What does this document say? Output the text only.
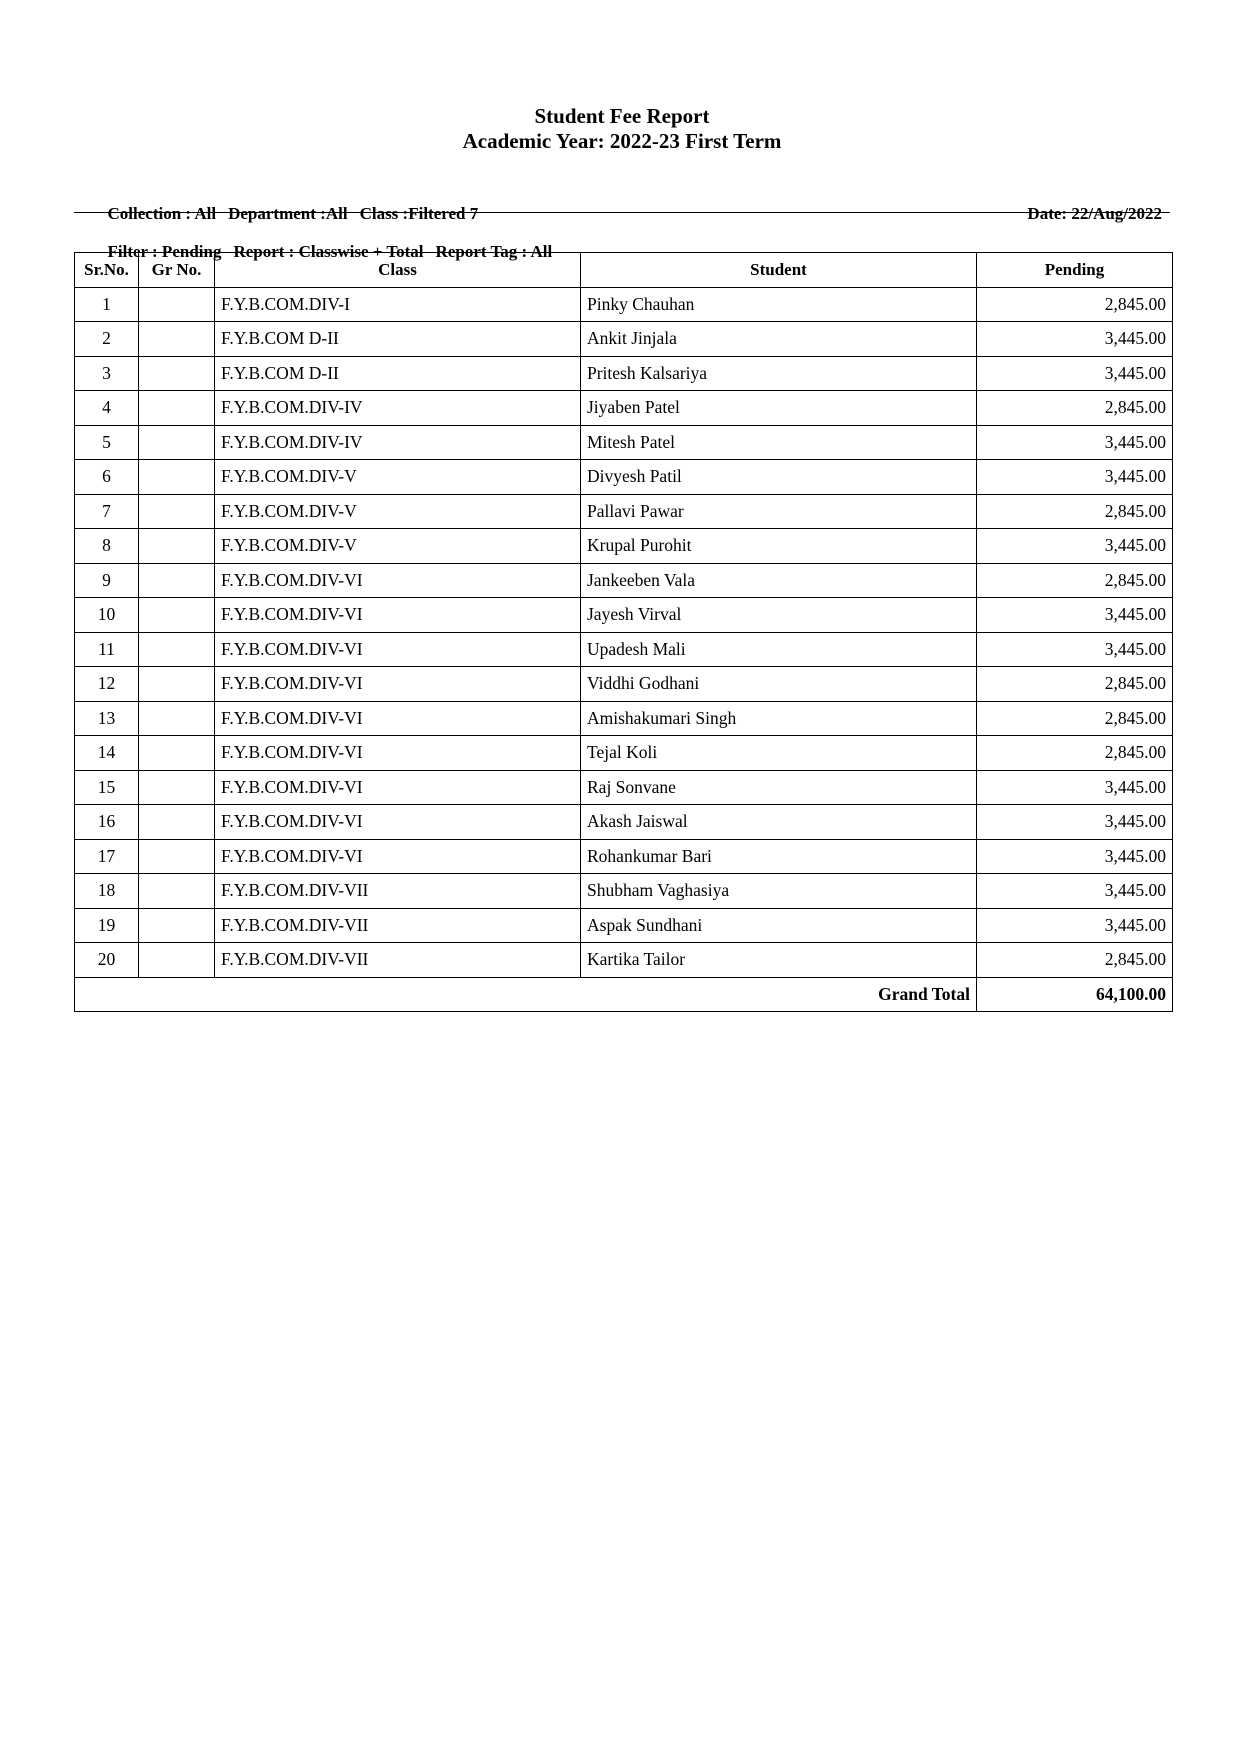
Student Fee Report
Academic Year: 2022-23 First Term

Collection : All Department :All Class :Filtered 7
	Date: 22/Aug/2022

Filter : Pending Report : Classwise + Total Report Tag : All

Sr.No.	Gr No.	Class	Student	Pending
1		F.Y.B.COM.DIV-I	Pinky Chauhan	2,845.00
2		F.Y.B.COM D-II	Ankit Jinjala	3,445.00
3		F.Y.B.COM D-II	Pritesh Kalsariya	3,445.00
4		F.Y.B.COM.DIV-IV	Jiyaben Patel	2,845.00
5		F.Y.B.COM.DIV-IV	Mitesh Patel	3,445.00
6		F.Y.B.COM.DIV-V	Divyesh Patil	3,445.00
7		F.Y.B.COM.DIV-V	Pallavi Pawar	2,845.00
8		F.Y.B.COM.DIV-V	Krupal Purohit	3,445.00
9		F.Y.B.COM.DIV-VI	Jankeeben Vala	2,845.00
10		F.Y.B.COM.DIV-VI	Jayesh Virval	3,445.00
11		F.Y.B.COM.DIV-VI	Upadesh Mali	3,445.00
12		F.Y.B.COM.DIV-VI	Viddhi Godhani	2,845.00
13		F.Y.B.COM.DIV-VI	Amishakumari Singh	2,845.00
14		F.Y.B.COM.DIV-VI	Tejal Koli	2,845.00
15		F.Y.B.COM.DIV-VI	Raj Sonvane	3,445.00
16		F.Y.B.COM.DIV-VI	Akash Jaiswal	3,445.00
17		F.Y.B.COM.DIV-VI	Rohankumar Bari	3,445.00
18		F.Y.B.COM.DIV-VII	Shubham Vaghasiya	3,445.00
19		F.Y.B.COM.DIV-VII	Aspak Sundhani	3,445.00
20		F.Y.B.COM.DIV-VII	Kartika Tailor	2,845.00
Grand Total				64,100.00
